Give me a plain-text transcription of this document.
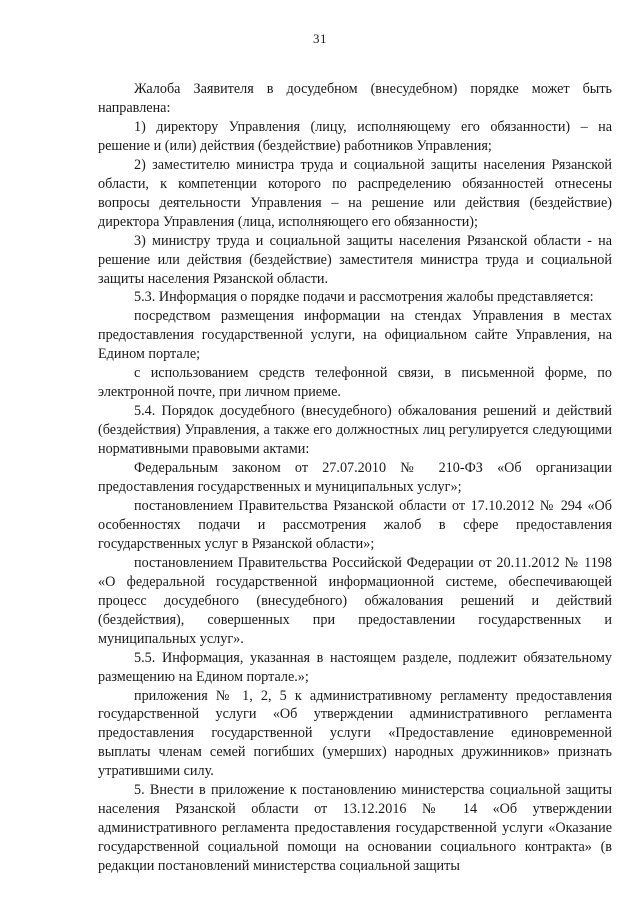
31

Жалоба Заявителя в досудебном (внесудебном) порядке может быть направлена:

1) директору Управления (лицу, исполняющему его обязанности) – на решение и (или) действия (бездействие) работников Управления;

2) заместителю министра труда и социальной защиты населения Рязанской области, к компетенции которого по распределению обязанностей отнесены вопросы деятельности Управления – на решение или действия (бездействие) директора Управления (лица, исполняющего его обязанности);

3) министру труда и социальной защиты населения Рязанской области - на решение или действия (бездействие) заместителя министра труда и социальной защиты населения Рязанской области.

5.3. Информация о порядке подачи и рассмотрения жалобы представляется:

посредством размещения информации на стендах Управления в местах предоставления государственной услуги, на официальном сайте Управления, на Едином портале;

с использованием средств телефонной связи, в письменной форме, по электронной почте, при личном приеме.

5.4. Порядок досудебного (внесудебного) обжалования решений и действий (бездействия) Управления, а также его должностных лиц регулируется следующими нормативными правовыми актами:

Федеральным законом от 27.07.2010 № 210-ФЗ «Об организации предоставления государственных и муниципальных услуг»;

постановлением Правительства Рязанской области от 17.10.2012 № 294 «Об особенностях подачи и рассмотрения жалоб в сфере предоставления государственных услуг в Рязанской области»;

постановлением Правительства Российской Федерации от 20.11.2012 № 1198 «О федеральной государственной информационной системе, обеспечивающей процесс досудебного (внесудебного) обжалования решений и действий (бездействия), совершенных при предоставлении государственных и муниципальных услуг».

5.5. Информация, указанная в настоящем разделе, подлежит обязательному размещению на Едином портале.»;

приложения № 1, 2, 5 к административному регламенту предоставления государственной услуги «Об утверждении административного регламента предоставления государственной услуги «Предоставление единовременной выплаты членам семей погибших (умерших) народных дружинников» признать утратившими силу.

5. Внести в приложение к постановлению министерства социальной защиты населения Рязанской области от 13.12.2016 № 14 «Об утверждении административного регламента предоставления государственной услуги «Оказание государственной социальной помощи на основании социального контракта» (в редакции постановлений министерства социальной защиты
